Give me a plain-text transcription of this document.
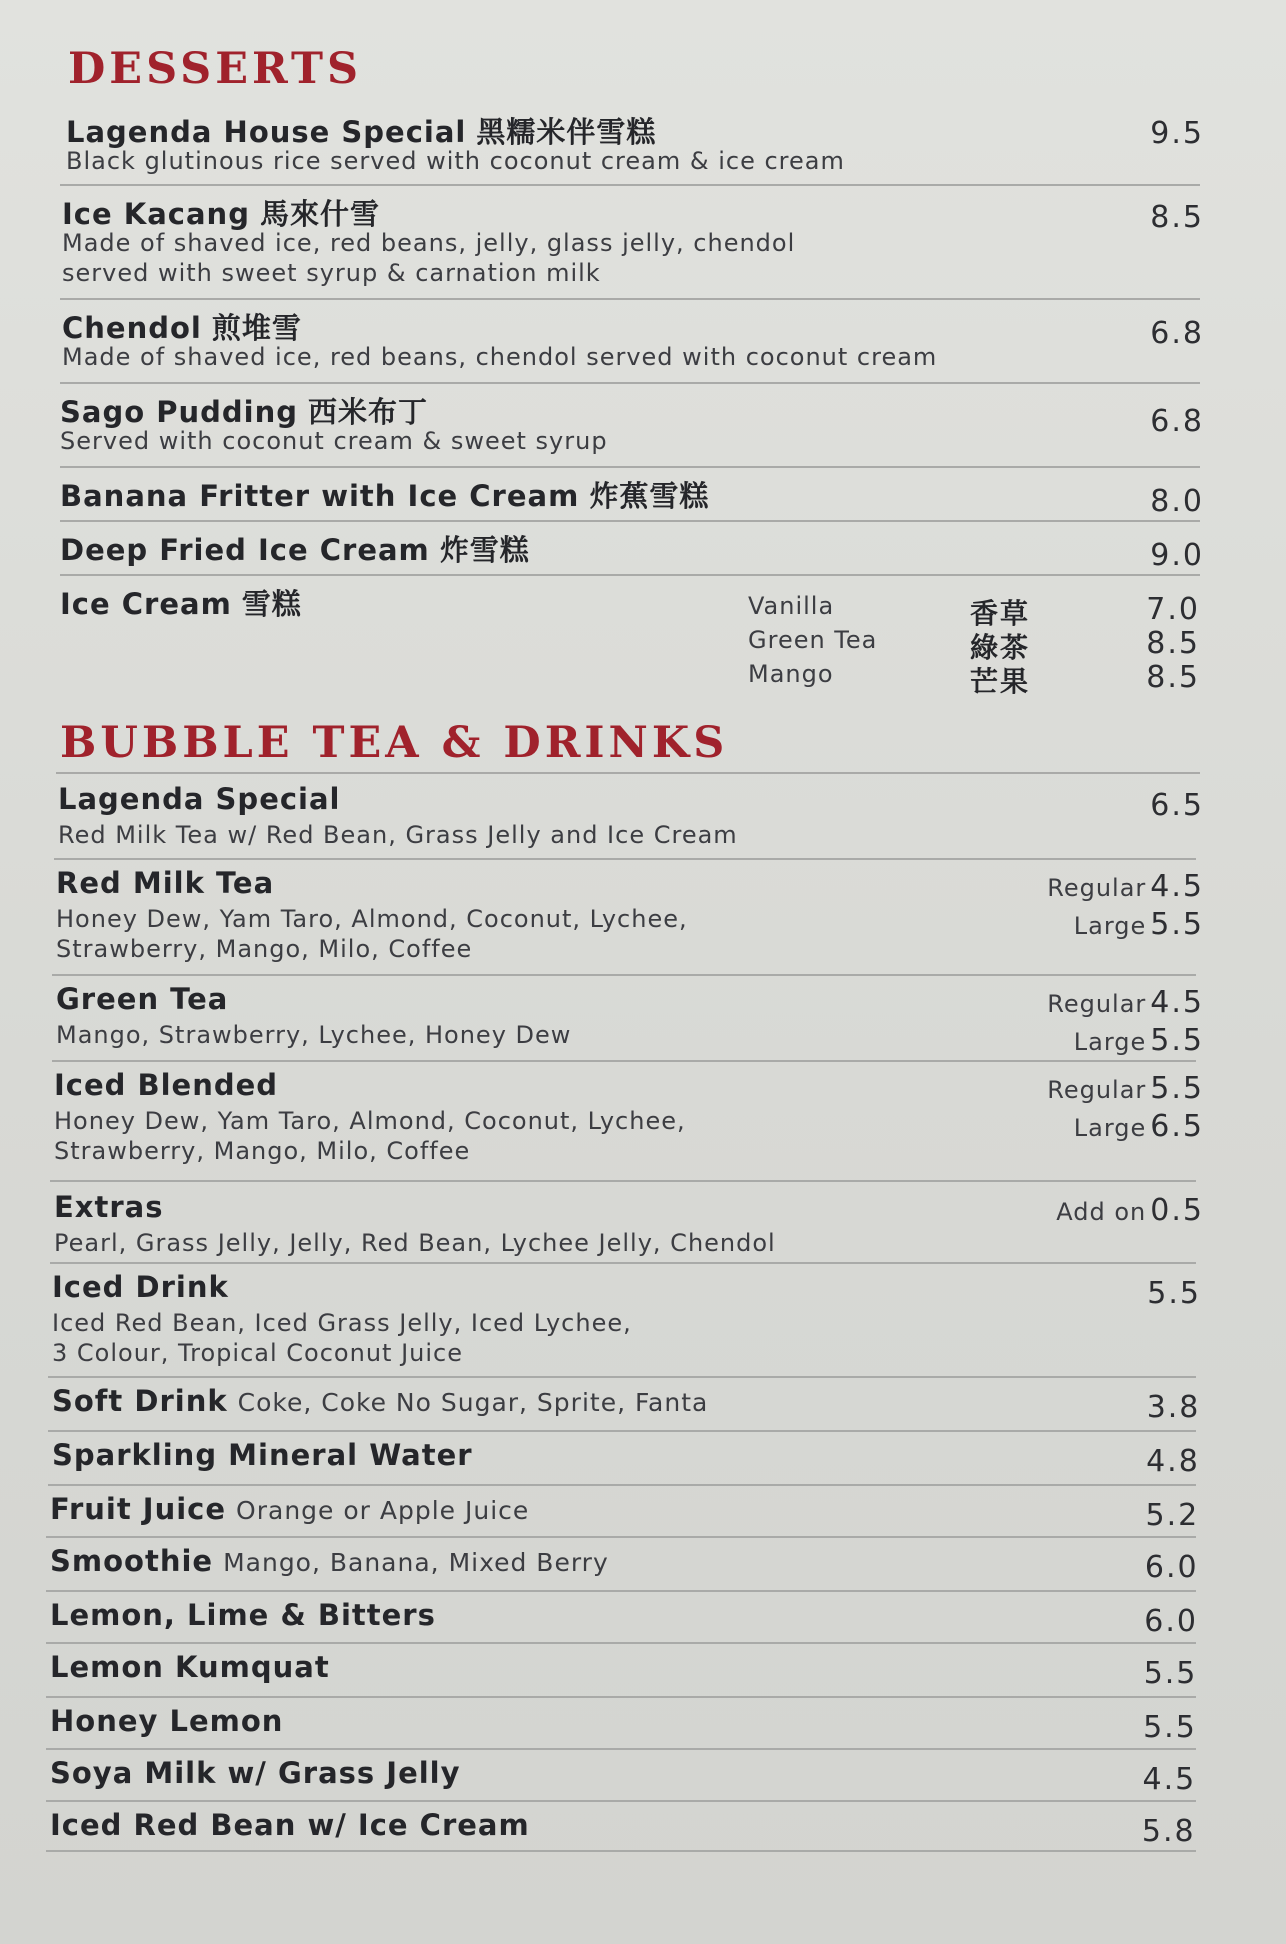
DESSERTS
Lagenda House Special 黑糯米伴雪糕
Black glutinous rice served with coconut cream & ice cream
9.5
Ice Kacang 馬來什雪
Made of shaved ice, red beans, jelly, glass jelly, chendol
served with sweet syrup & carnation milk
8.5
Chendol 煎堆雪
Made of shaved ice, red beans, chendol served with coconut cream
6.8
Sago Pudding 西米布丁
Served with coconut cream & sweet syrup
6.8
Banana Fritter with Ice Cream 炸蕉雪糕	8.0
Deep Fried Ice Cream 炸雪糕	9.0
Ice Cream 雪糕	Vanilla	香草	7.0
Green Tea	綠茶	8.5
Mango	芒果	8.5
BUBBLE TEA & DRINKS
Lagenda Special
Red Milk Tea w/ Red Bean, Grass Jelly and Ice Cream
6.5
Red Milk Tea
Honey Dew, Yam Taro, Almond, Coconut, Lychee,
Strawberry, Mango, Milo, Coffee
Regular 4.5
Large 5.5
Green Tea
Mango, Strawberry, Lychee, Honey Dew
Regular 4.5
Large 5.5
Iced Blended
Honey Dew, Yam Taro, Almond, Coconut, Lychee,
Strawberry, Mango, Milo, Coffee
Regular 5.5
Large 6.5
Extras
Pearl, Grass Jelly, Jelly, Red Bean, Lychee Jelly, Chendol
Add on 0.5
Iced Drink
Iced Red Bean, Iced Grass Jelly, Iced Lychee,
3 Colour, Tropical Coconut Juice
5.5
Soft Drink Coke, Coke No Sugar, Sprite, Fanta	3.8
Sparkling Mineral Water	4.8
Fruit Juice Orange or Apple Juice	5.2
Smoothie Mango, Banana, Mixed Berry	6.0
Lemon, Lime & Bitters	6.0
Lemon Kumquat	5.5
Honey Lemon	5.5
Soya Milk w/ Grass Jelly	4.5
Iced Red Bean w/ Ice Cream	5.8
